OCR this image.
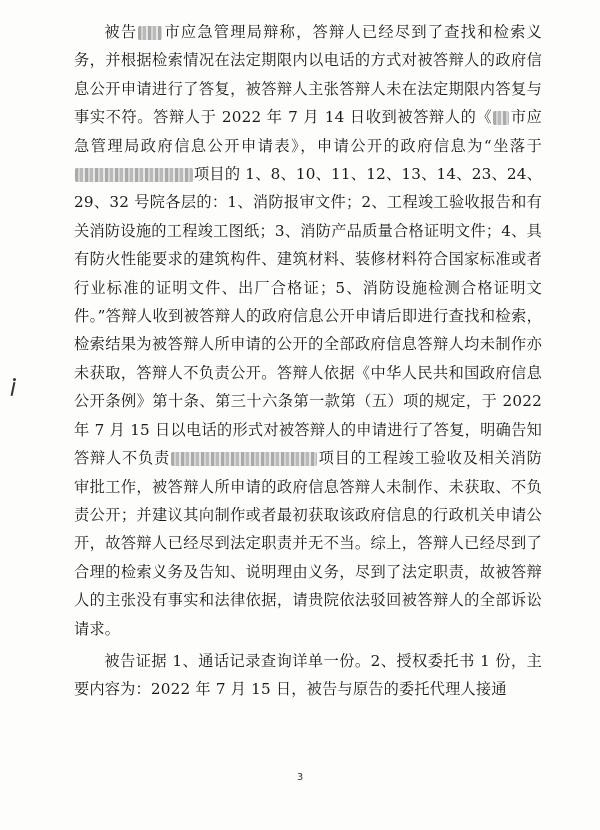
被告 市应急管理局辩称，答辩人已经尽到了查找和检索义务，并根据检索情况在法定期限内以电话的方式对被答辩人的政府信息公开申请进行了答复，被答辩人主张答辩人未在法定期限内答复与事实不符。答辩人于 2022 年 7 月 14 日收到被答辩人的《 市应急管理局政府信息公开申请表》，申请公开的政府信息为“坐落于项目的 1、8、10、11、12、13、14、23、24、29、32 号院各层的：1、消防报审文件；2、工程竣工验收报告和有关消防设施的工程竣工图纸；3、消防产品质量合格证明文件；4、具有防火性能要求的建筑构件、建筑材料、装修材料符合国家标准或者行业标准的证明文件、出厂合格证；5、消防设施检测合格证明文件。”答辩人收到被答辩人的政府信息公开申请后即进行查找和检索，检索结果为被答辩人所申请的公开的全部政府信息答辩人均未制作亦未获取，答辩人不负责公开。答辩人依据《中华人民共和国政府信息公开条例》第十条、第三十六条第一款第（五）项的规定，于 2022 年 7 月 15 日以电话的形式对被答辩人的申请进行了答复，明确告知答辩人不负责	项目的工程竣工验收及相关消防审批工作，被答辩人所申请的政府信息答辩人未制作、未获取、不负责公开；并建议其向制作或者最初获取该政府信息的行政机关申请公开，故答辩人已经尽到法定职责并无不当。综上，答辩人已经尽到了合理的检索义务及告知、说明理由义务，尽到了法定职责，故被答辩人的主张没有事实和法律依据，请贵院依法驳回被答辩人的全部诉讼请求。

被告证据 1、通话记录查询详单一份。2、授权委托书 1 份，主要内容为：2022 年 7 月 15 日，被告与原告的委托代理人接通

3
